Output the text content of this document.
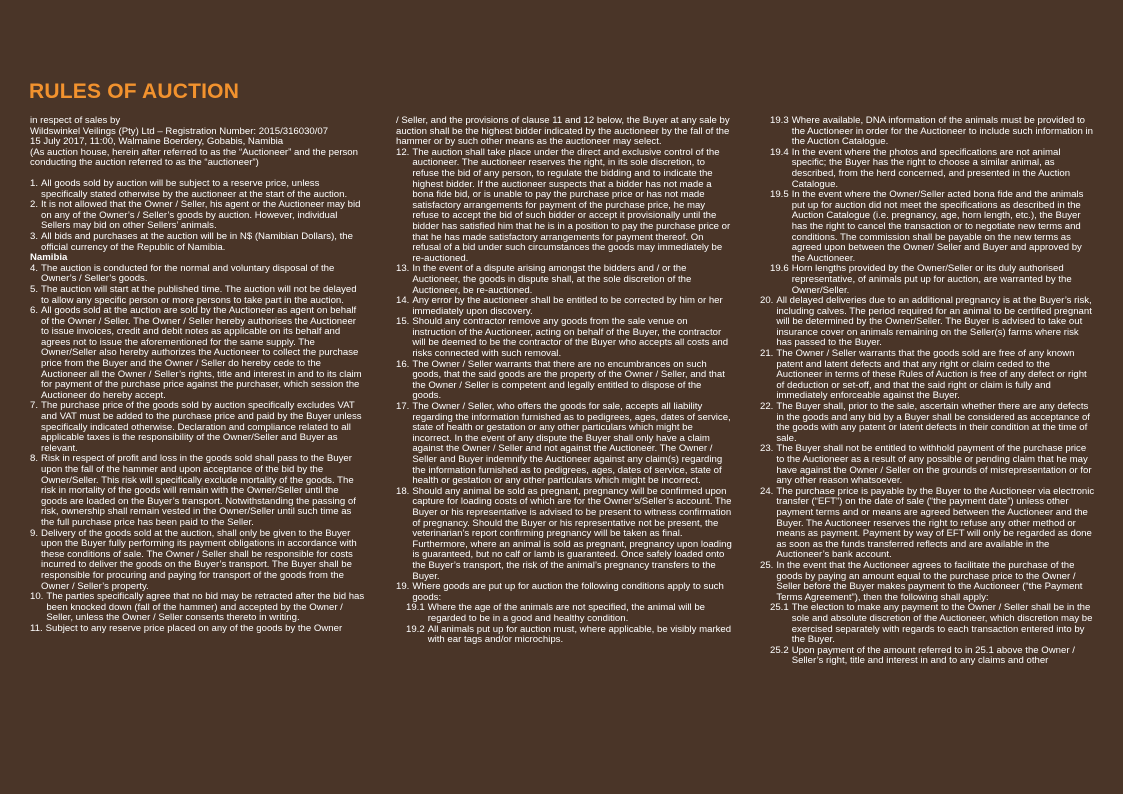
RULES OF AUCTION

in respect of sales by

Wildswinkel Veilings (Pty) Ltd – Registration Number: 2015/316030/07

15 July 2017, 11:00, Walmaine Boerdery, Gobabis, Namibia

(As auction house, herein after referred to as the “Auctioneer” and the person conducting the auction referred to as the “auctioneer”)

1. All goods sold by auction will be subject to a reserve price, unless specifically stated otherwise by the auctioneer at the start of the auction.
2. It is not allowed that the Owner / Seller, his agent or the Auctioneer may bid on any of the Owner’s / Seller’s goods by auction. However, individual Sellers may bid on other Sellers’ animals.
3. All bids and purchases at the auction will be in N$ (Namibian Dollars), the official currency of the Republic of Namibia.

Namibia

4. The auction is conducted for the normal and voluntary disposal of the Owner’s / Seller’s goods.
5. The auction will start at the published time. The auction will not be delayed to allow any specific person or more persons to take part in the auction.
6. All goods sold at the auction are sold by the Auctioneer as agent on behalf of the Owner / Seller. The Owner / Seller hereby authorises the Auctioneer to issue invoices, credit and debit notes as applicable on its behalf and agrees not to issue the aforementioned for the same supply. The Owner/Seller also hereby authorizes the Auctioneer to collect the purchase price from the Buyer and the Owner / Seller do hereby cede to the Auctioneer all the Owner / Seller’s rights, title and interest in and to its claim for payment of the purchase price against the purchaser, which session the Auctioneer do hereby accept.
7. The purchase price of the goods sold by auction specifically excludes VAT and VAT must be added to the purchase price and paid by the Buyer unless specifically indicated otherwise. Declaration and compliance related to all applicable taxes is the responsibility of the Owner/Seller and Buyer as relevant.
8. Risk in respect of profit and loss in the goods sold shall pass to the Buyer upon the fall of the hammer and upon acceptance of the bid by the Owner/Seller. This risk will specifically exclude mortality of the goods. The risk in mortality of the goods will remain with the Owner/Seller until the goods are loaded on the Buyer’s transport. Notwithstanding the passing of risk, ownership shall remain vested in the Owner/Seller until such time as the full purchase price has been paid to the Seller.
9. Delivery of the goods sold at the auction, shall only be given to the Buyer upon the Buyer fully performing its payment obligations in accordance with these conditions of sale. The Owner / Seller shall be responsible for costs incurred to deliver the goods on the Buyer’s transport. The Buyer shall be responsible for procuring and paying for transport of the goods from the Owner / Seller’s property.
10. The parties specifically agree that no bid may be retracted after the bid has been knocked down (fall of the hammer) and accepted by the Owner / Seller, unless the Owner / Seller consents thereto in writing.
11. Subject to any reserve price placed on any of the goods by the Owner

/ Seller, and the provisions of clause 11 and 12 below, the Buyer at any sale by auction shall be the highest bidder indicated by the auctioneer by the fall of the hammer or by such other means as the auctioneer may select.

12. The auction shall take place under the direct and exclusive control of the auctioneer. The auctioneer reserves the right, in its sole discretion, to refuse the bid of any person, to regulate the bidding and to indicate the highest bidder. If the auctioneer suspects that a bidder has not made a bona fide bid, or is unable to pay the purchase price or has not made satisfactory arrangements for payment of the purchase price, he may refuse to accept the bid of such bidder or accept it provisionally until the bidder has satisfied him that he is in a position to pay the purchase price or that he has made satisfactory arrangements for payment thereof. On refusal of a bid under such circumstances the goods may immediately be re-auctioned.
13. In the event of a dispute arising amongst the bidders and / or the Auctioneer, the goods in dispute shall, at the sole discretion of the Auctioneer, be re-auctioned.
14. Any error by the auctioneer shall be entitled to be corrected by him or her immediately upon discovery.
15. Should any contractor remove any goods from the sale venue on instruction of the Auctioneer, acting on behalf of the Buyer, the contractor will be deemed to be the contractor of the Buyer who accepts all costs and risks connected with such removal.
16. The Owner / Seller warrants that there are no encumbrances on such goods, that the said goods are the property of the Owner / Seller, and that the Owner / Seller is competent and legally entitled to dispose of the goods.
17. The Owner / Seller, who offers the goods for sale, accepts all liability regarding the information furnished as to pedigrees, ages, dates of service, state of health or gestation or any other particulars which might be incorrect. In the event of any dispute the Buyer shall only have a claim against the Owner / Seller and not against the Auctioneer. The Owner / Seller and Buyer indemnify the Auctioneer against any claim(s) regarding the information furnished as to pedigrees, ages, dates of service, state of health or gestation or any other particulars which might be incorrect.
18. Should any animal be sold as pregnant, pregnancy will be confirmed upon capture for loading costs of which are for the Owner’s/Seller’s account. The Buyer or his representative is advised to be present to witness confirmation of pregnancy. Should the Buyer or his representative not be present, the veterinarian’s report confirming pregnancy will be taken as final. Furthermore, where an animal is sold as pregnant, pregnancy upon loading is guaranteed, but no calf or lamb is guaranteed. Once safely loaded onto the Buyer’s transport, the risk of the animal’s pregnancy transfers to the Buyer.
19. Where goods are put up for auction the following conditions apply to such goods:
19.1 Where the age of the animals are not specified, the animal will be regarded to be in a good and healthy condition.
19.2 All animals put up for auction must, where applicable, be visibly marked with ear tags and/or microchips.
19.3 Where available, DNA information of the animals must be provided to the Auctioneer in order for the Auctioneer to include such information in the Auction Catalogue.
19.4 In the event where the photos and specifications are not animal specific; the Buyer has the right to choose a similar animal, as described, from the herd concerned, and presented in the Auction Catalogue.
19.5 In the event where the Owner/Seller acted bona fide and the animals put up for auction did not meet the specifications as described in the Auction Catalogue (i.e. pregnancy, age, horn length, etc.), the Buyer has the right to cancel the transaction or to negotiate new terms and conditions. The commission shall be payable on the new terms as agreed upon between the Owner/ Seller and Buyer and approved by the Auctioneer.
19.6 Horn lengths provided by the Owner/Seller or its duly authorised representative, of animals put up for auction, are warranted by the Owner/Seller.
20. All delayed deliveries due to an additional pregnancy is at the Buyer’s risk, including calves. The period required for an animal to be certified pregnant will be determined by the Owner/Seller. The Buyer is advised to take out insurance cover on animals remaining on the Seller(s) farms where risk has passed to the Buyer.
21. The Owner / Seller warrants that the goods sold are free of any known patent and latent defects and that any right or claim ceded to the Auctioneer in terms of these Rules of Auction is free of any defect or right of deduction or set-off, and that the said right or claim is fully and immediately enforceable against the Buyer.
22. The Buyer shall, prior to the sale, ascertain whether there are any defects in the goods and any bid by a Buyer shall be considered as acceptance of the goods with any patent or latent defects in their condition at the time of sale.
23. The Buyer shall not be entitled to withhold payment of the purchase price to the Auctioneer as a result of any possible or pending claim that he may have against the Owner / Seller on the grounds of misrepresentation or for any other reason whatsoever.
24. The purchase price is payable by the Buyer to the Auctioneer via electronic transfer (“EFT”) on the date of sale (“the payment date”) unless other payment terms and or means are agreed between the Auctioneer and the Buyer. The Auctioneer reserves the right to refuse any other method or means as payment. Payment by way of EFT will only be regarded as done as soon as the funds transferred reflects and are available in the Auctioneer’s bank account.
25. In the event that the Auctioneer agrees to facilitate the purchase of the goods by paying an amount equal to the purchase price to the Owner / Seller before the Buyer makes payment to the Auctioneer (“the Payment Terms Agreement”), then the following shall apply:
25.1 The election to make any payment to the Owner / Seller shall be in the sole and absolute discretion of the Auctioneer, which discretion may be exercised separately with regards to each transaction entered into by the Buyer.
25.2 Upon payment of the amount referred to in 25.1 above the Owner / Seller’s right, title and interest in and to any claims and other
